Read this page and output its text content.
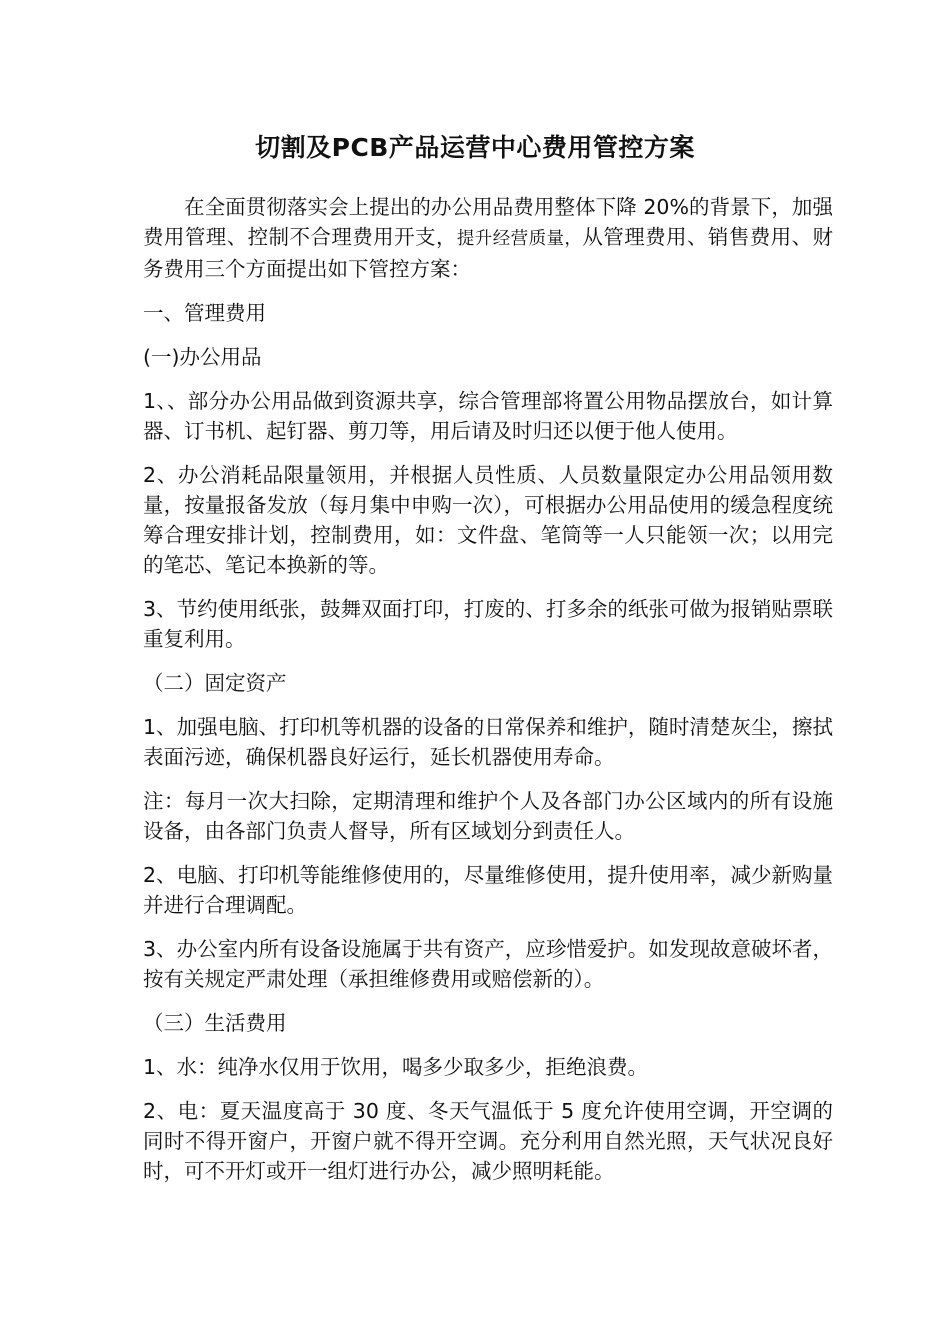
切割及PCB产品运营中心费用管控方案

在全面贯彻落实会上提出的办公用品费用整体下降 20%的背景下，加强费用管理、控制不合理费用开支，提升经营质量，从管理费用、销售费用、财务费用三个方面提出如下管控方案：

一、管理费用

(一)办公用品

1、、部分办公用品做到资源共享，综合管理部将置公用物品摆放台，如计算器、订书机、起钉器、剪刀等，用后请及时归还以便于他人使用。

2、办公消耗品限量领用，并根据人员性质、人员数量限定办公用品领用数量，按量报备发放（每月集中申购一次），可根据办公用品使用的缓急程度统筹合理安排计划，控制费用，如：文件盘、笔筒等一人只能领一次；以用完的笔芯、笔记本换新的等。

3、节约使用纸张，鼓舞双面打印，打废的、打多余的纸张可做为报销贴票联重复利用。

（二）固定资产

1、加强电脑、打印机等机器的设备的日常保养和维护，随时清楚灰尘，擦拭表面污迹，确保机器良好运行，延长机器使用寿命。

注：每月一次大扫除，定期清理和维护个人及各部门办公区域内的所有设施设备，由各部门负责人督导，所有区域划分到责任人。

2、电脑、打印机等能维修使用的，尽量维修使用，提升使用率，减少新购量并进行合理调配。

3、办公室内所有设备设施属于共有资产，应珍惜爱护。如发现故意破坏者，按有关规定严肃处理（承担维修费用或赔偿新的）。

（三）生活费用

1、水：纯净水仅用于饮用，喝多少取多少，拒绝浪费。

2、电：夏天温度高于 30 度、冬天气温低于 5 度允许使用空调，开空调的同时不得开窗户，开窗户就不得开空调。充分利用自然光照，天气状况良好时，可不开灯或开一组灯进行办公，减少照明耗能。
